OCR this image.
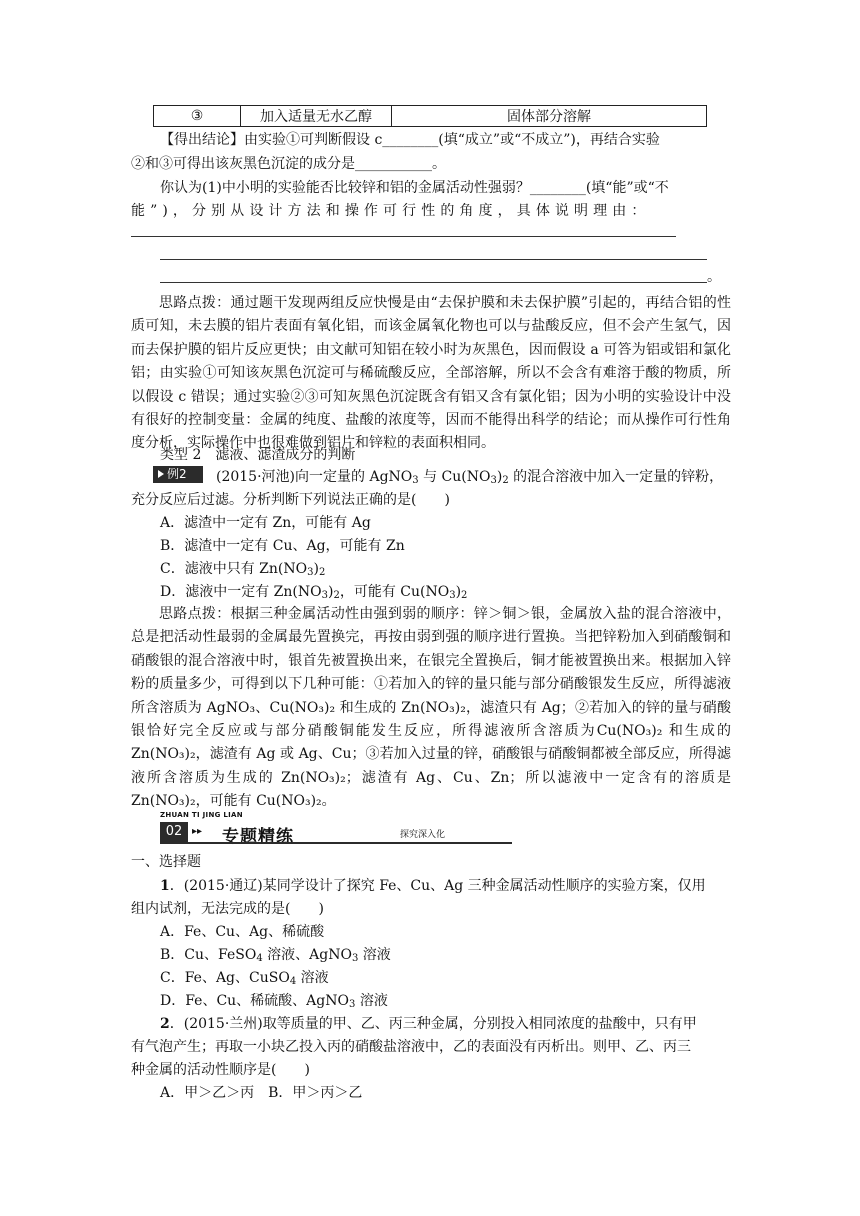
③	加入适量无水乙醇	固体部分溶解
【得出结论】由实验①可判断假设 c________(填“成立”或“不成立”)，再结合实验
②和③可得出该灰黑色沉淀的成分是___________。
你认为(1)中小明的实验能否比较锌和铝的金属活动性强弱？________(填“能”或“不
能”)，分别从设计方法和操作可行性的角度，具体说明理由：
。
思路点拨：通过题干发现两组反应快慢是由“去保护膜和未去保护膜”引起的，再结合铝的性质可知，未去膜的铝片表面有氧化铝，而该金属氧化物也可以与盐酸反应，但不会产生氢气，因而去保护膜的铝片反应更快；由文献可知铝在较小时为灰黑色，因而假设 a 可答为铝或铝和氯化铝；由实验①可知该灰黑色沉淀可与稀硫酸反应，全部溶解，所以不会含有难溶于酸的物质，所以假设 c 错误；通过实验②③可知灰黑色沉淀既含有铝又含有氯化铝；因为小明的实验设计中没有很好的控制变量：金属的纯度、盐酸的浓度等，因而不能得出科学的结论；而从操作可行性角度分析，实际操作中也很难做到铝片和锌粒的表面积相同。
类型 2　滤液、滤渣成分的判断
例2	(2015·河池)向一定量的 AgNO$_3$ 与 $Cu(NO_3)_2$ 的混合溶液中加入一定量的锌粉，
充分反应后过滤。分析判断下列说法正确的是(　　)
A．滤渣中一定有 Zn，可能有 Ag
B．滤渣中一定有 Cu、Ag，可能有 Zn
C．滤液中只有 $Zn(NO_3)_2$
D．滤液中一定有 $Zn(NO_3)_2$，可能有 $Cu(NO_3)_2$
思路点拨：根据三种金属活动性由强到弱的顺序：锌＞铜＞银，金属放入盐的混合溶液中，总是把活动性最弱的金属最先置换完，再按由弱到强的顺序进行置换。当把锌粉加入到硝酸铜和硝酸银的混合溶液中时，银首先被置换出来，在银完全置换后，铜才能被置换出来。根据加入锌粉的质量多少，可得到以下几种可能：①若加入的锌的量只能与部分硝酸银发生反应，所得滤液所含溶质为 AgNO₃、Cu(NO₃)₂ 和生成的 Zn(NO₃)₂，滤渣只有 Ag；②若加入的锌的量与硝酸银恰好完全反应或与部分硝酸铜能发生反应，所得滤液所含溶质为Cu(NO₃)₂ 和生成的 Zn(NO₃)₂，滤渣有 Ag 或 Ag、Cu；③若加入过量的锌，硝酸银与硝酸铜都被全部反应，所得滤液所含溶质为生成的 Zn(NO₃)₂；滤渣有 Ag、Cu、Zn；所以滤液中一定含有的溶质是 Zn(NO₃)₂，可能有 Cu(NO₃)₂。
ZHUAN TI JING LIAN
02 ▸▸ 专题精练	探究深入化
一、选择题
1．(2015·通辽)某同学设计了探究 Fe、Cu、Ag 三种金属活动性顺序的实验方案，仅用
组内试剂，无法完成的是(　　)
A．Fe、Cu、Ag、稀硫酸
B．Cu、FeSO$_4$ 溶液、AgNO$_3$ 溶液
C．Fe、Ag、CuSO$_4$ 溶液
D．Fe、Cu、稀硫酸、AgNO$_3$ 溶液
2．(2015·兰州)取等质量的甲、乙、丙三种金属，分别投入相同浓度的盐酸中，只有甲
有气泡产生；再取一小块乙投入丙的硝酸盐溶液中，乙的表面没有丙析出。则甲、乙、丙三
种金属的活动性顺序是(　　)
A．甲＞乙＞丙　B．甲＞丙＞乙
